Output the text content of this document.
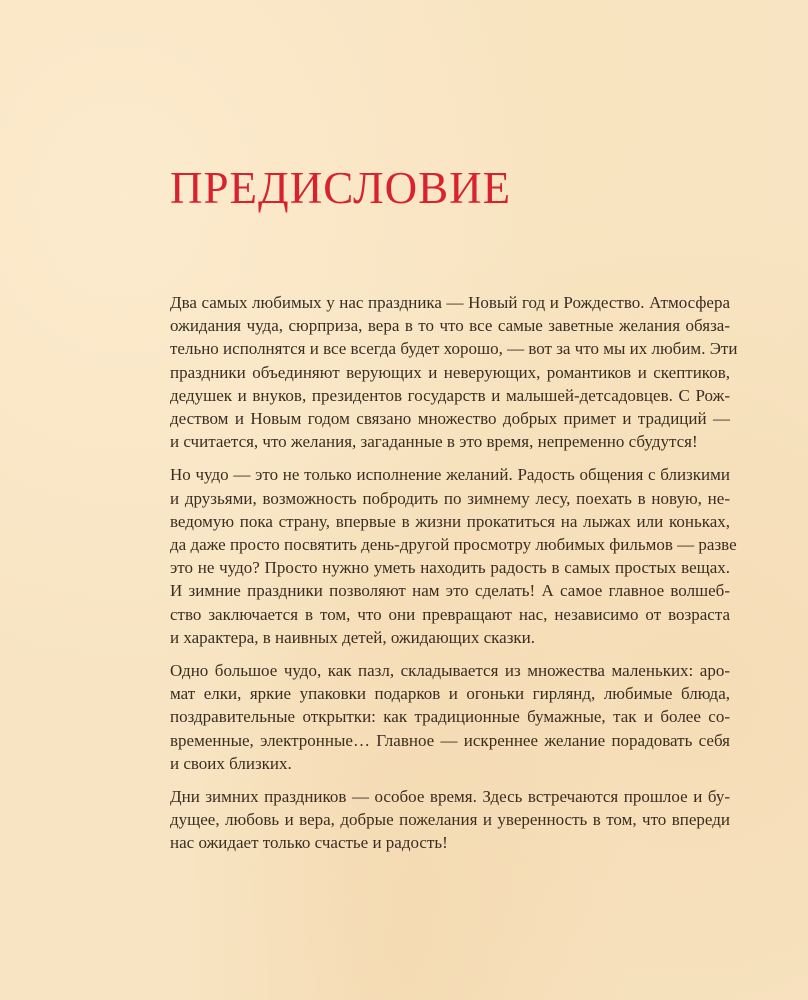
ПРЕДИСЛОВИЕ

Два самых любимых у нас праздника — Новый год и Рождество. Атмосфера
ожидания чуда, сюрприза, вера в то что все самые заветные желания обяза-
тельно исполнятся и все всегда будет хорошо, — вот за что мы их любим. Эти
праздники объединяют верующих и неверующих, романтиков и скептиков,
дедушек и внуков, президентов государств и малышей-детсадовцев. С Рож-
деством и Новым годом связано множество добрых примет и традиций —
и считается, что желания, загаданные в это время, непременно сбудутся!

Но чудо — это не только исполнение желаний. Радость общения с близкими
и друзьями, возможность побродить по зимнему лесу, поехать в новую, не-
ведомую пока страну, впервые в жизни прокатиться на лыжах или коньках,
да даже просто посвятить день-другой просмотру любимых фильмов — разве
это не чудо? Просто нужно уметь находить радость в самых простых вещах.
И зимние праздники позволяют нам это сделать! А самое главное волшеб-
ство заключается в том, что они превращают нас, независимо от возраста
и характера, в наивных детей, ожидающих сказки.

Одно большое чудо, как пазл, складывается из множества маленьких: аро-
мат елки, яркие упаковки подарков и огоньки гирлянд, любимые блюда,
поздравительные открытки: как традиционные бумажные, так и более со-
временные, электронные… Главное — искреннее желание порадовать себя
и своих близких.

Дни зимних праздников — особое время. Здесь встречаются прошлое и бу-
дущее, любовь и вера, добрые пожелания и уверенность в том, что впереди
нас ожидает только счастье и радость!
